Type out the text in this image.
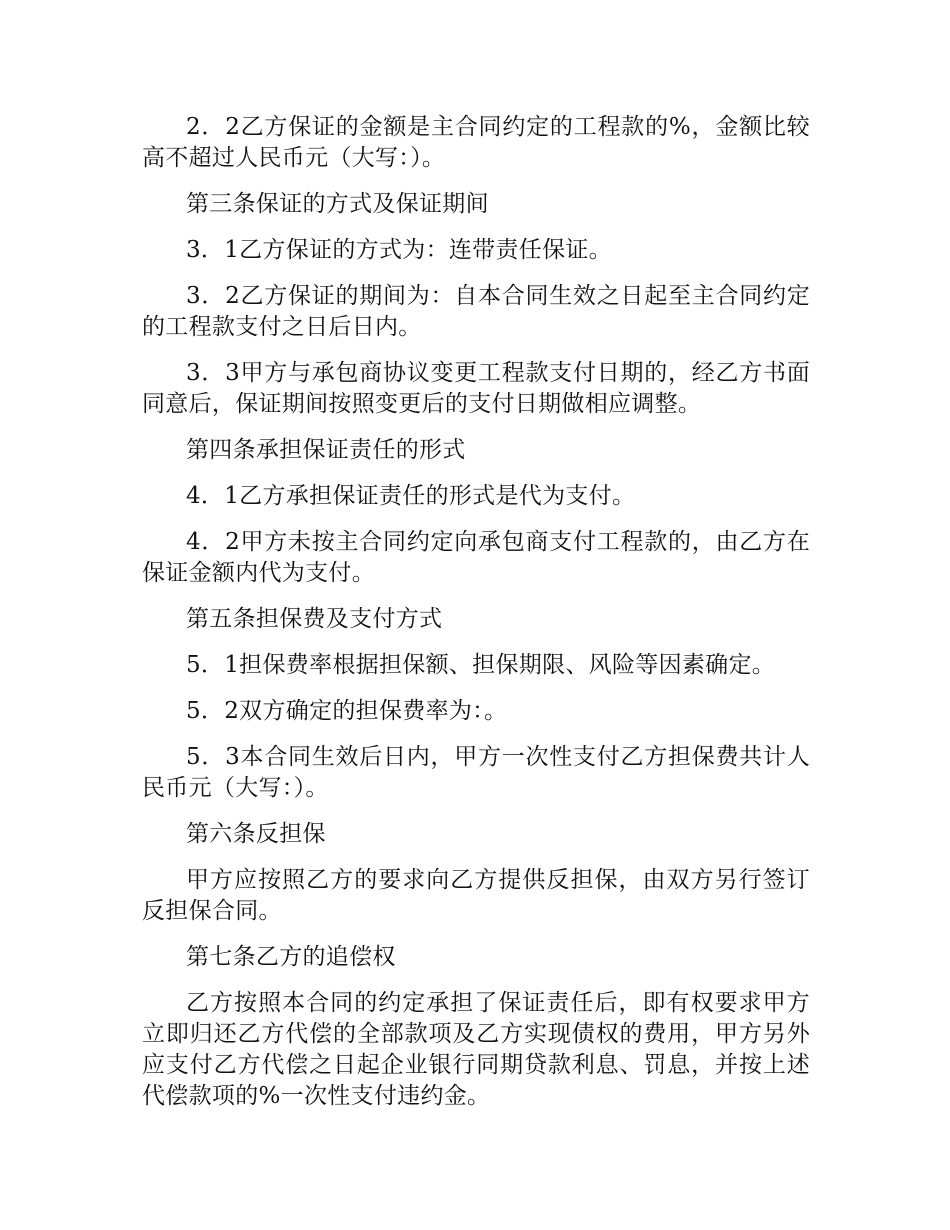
2．2乙方保证的金额是主合同约定的工程款的%，金额比较高不超过人民币元（大写：）。

第三条保证的方式及保证期间

3．1乙方保证的方式为：连带责任保证。

3．2乙方保证的期间为：自本合同生效之日起至主合同约定的工程款支付之日后日内。

3．3甲方与承包商协议变更工程款支付日期的，经乙方书面同意后，保证期间按照变更后的支付日期做相应调整。

第四条承担保证责任的形式

4．1乙方承担保证责任的形式是代为支付。

4．2甲方未按主合同约定向承包商支付工程款的，由乙方在保证金额内代为支付。

第五条担保费及支付方式

5．1担保费率根据担保额、担保期限、风险等因素确定。

5．2双方确定的担保费率为：。

5．3本合同生效后日内，甲方一次性支付乙方担保费共计人民币元（大写：）。

第六条反担保

甲方应按照乙方的要求向乙方提供反担保，由双方另行签订反担保合同。

第七条乙方的追偿权

乙方按照本合同的约定承担了保证责任后，即有权要求甲方立即归还乙方代偿的全部款项及乙方实现债权的费用，甲方另外应支付乙方代偿之日起企业银行同期贷款利息、罚息，并按上述代偿款项的%一次性支付违约金。
